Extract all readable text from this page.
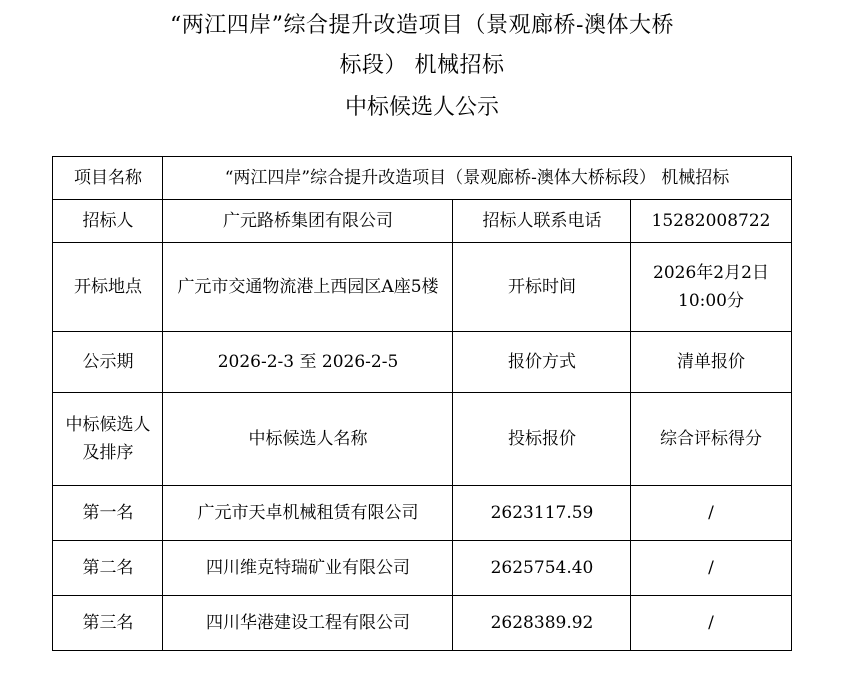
“两江四岸”综合提升改造项目（景观廊桥-澳体大桥
标段） 机械招标
中标候选人公示
项目名称	“两江四岸”综合提升改造项目（景观廊桥-澳体大桥标段） 机械招标		
招标人	广元路桥集团有限公司	招标人联系电话	15282008722
开标地点	广元市交通物流港上西园区A座5楼	开标时间	2026年2月2日10:00分
公示期	2026-2-3 至 2026-2-5	报价方式	清单报价
中标候选人及排序	中标候选人名称	投标报价	综合评标得分
第一名	广元市天卓机械租赁有限公司	2623117.59	/
第二名	四川维克特瑞矿业有限公司	2625754.40	/
第三名	四川华港建设工程有限公司	2628389.92	/
